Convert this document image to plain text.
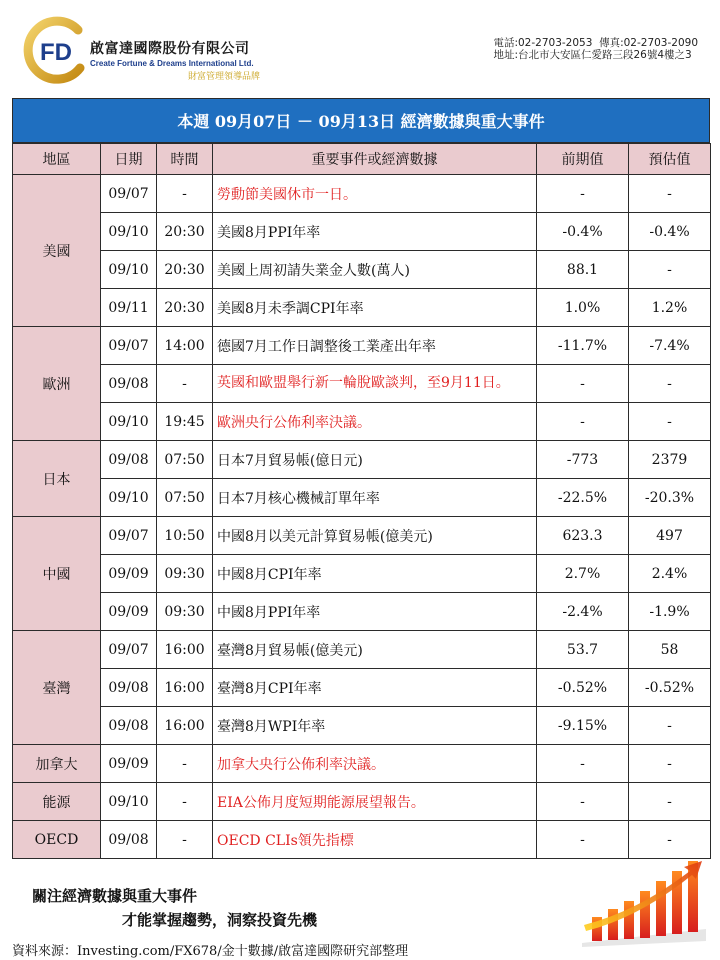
FD 啟富達國際股份有限公司
Create Fortune & Dreams International Ltd.
財富管理領導品牌
電話:02-2703-2053 傳真:02-2703-2090
地址:台北市大安區仁愛路三段26號4樓之3
本週 09月07日 － 09月13日 經濟數據與重大事件
地區	日期	時間	重要事件或經濟數據	前期值	預估值
美國	09/07	-	勞動節美國休市一日。	-	-
	09/10	20:30	美國8月PPI年率	-0.4%	-0.4%
	09/10	20:30	美國上周初請失業金人數(萬人)	88.1	-
	09/11	20:30	美國8月未季調CPI年率	1.0%	1.2%
歐洲	09/07	14:00	德國7月工作日調整後工業產出年率	-11.7%	-7.4%
	09/08	-	英國和歐盟舉行新一輪脫歐談判，至9月11日。	-	-
	09/10	19:45	歐洲央行公佈利率決議。	-	-
日本	09/08	07:50	日本7月貿易帳(億日元)	-773	2379
	09/10	07:50	日本7月核心機械訂單年率	-22.5%	-20.3%
中國	09/07	10:50	中國8月以美元計算貿易帳(億美元)	623.3	497
	09/09	09:30	中國8月CPI年率	2.7%	2.4%
	09/09	09:30	中國8月PPI年率	-2.4%	-1.9%
臺灣	09/07	16:00	臺灣8月貿易帳(億美元)	53.7	58
	09/08	16:00	臺灣8月CPI年率	-0.52%	-0.52%
	09/08	16:00	臺灣8月WPI年率	-9.15%	-
加拿大	09/09	-	加拿大央行公佈利率決議。	-	-
能源	09/10	-	EIA公佈月度短期能源展望報告。	-	-
OECD	09/08	-	OECD CLIs領先指標	-	-
關注經濟數據與重大事件
才能掌握趨勢，洞察投資先機
資料來源：Investing.com/FX678/金十數據/啟富達國際研究部整理
